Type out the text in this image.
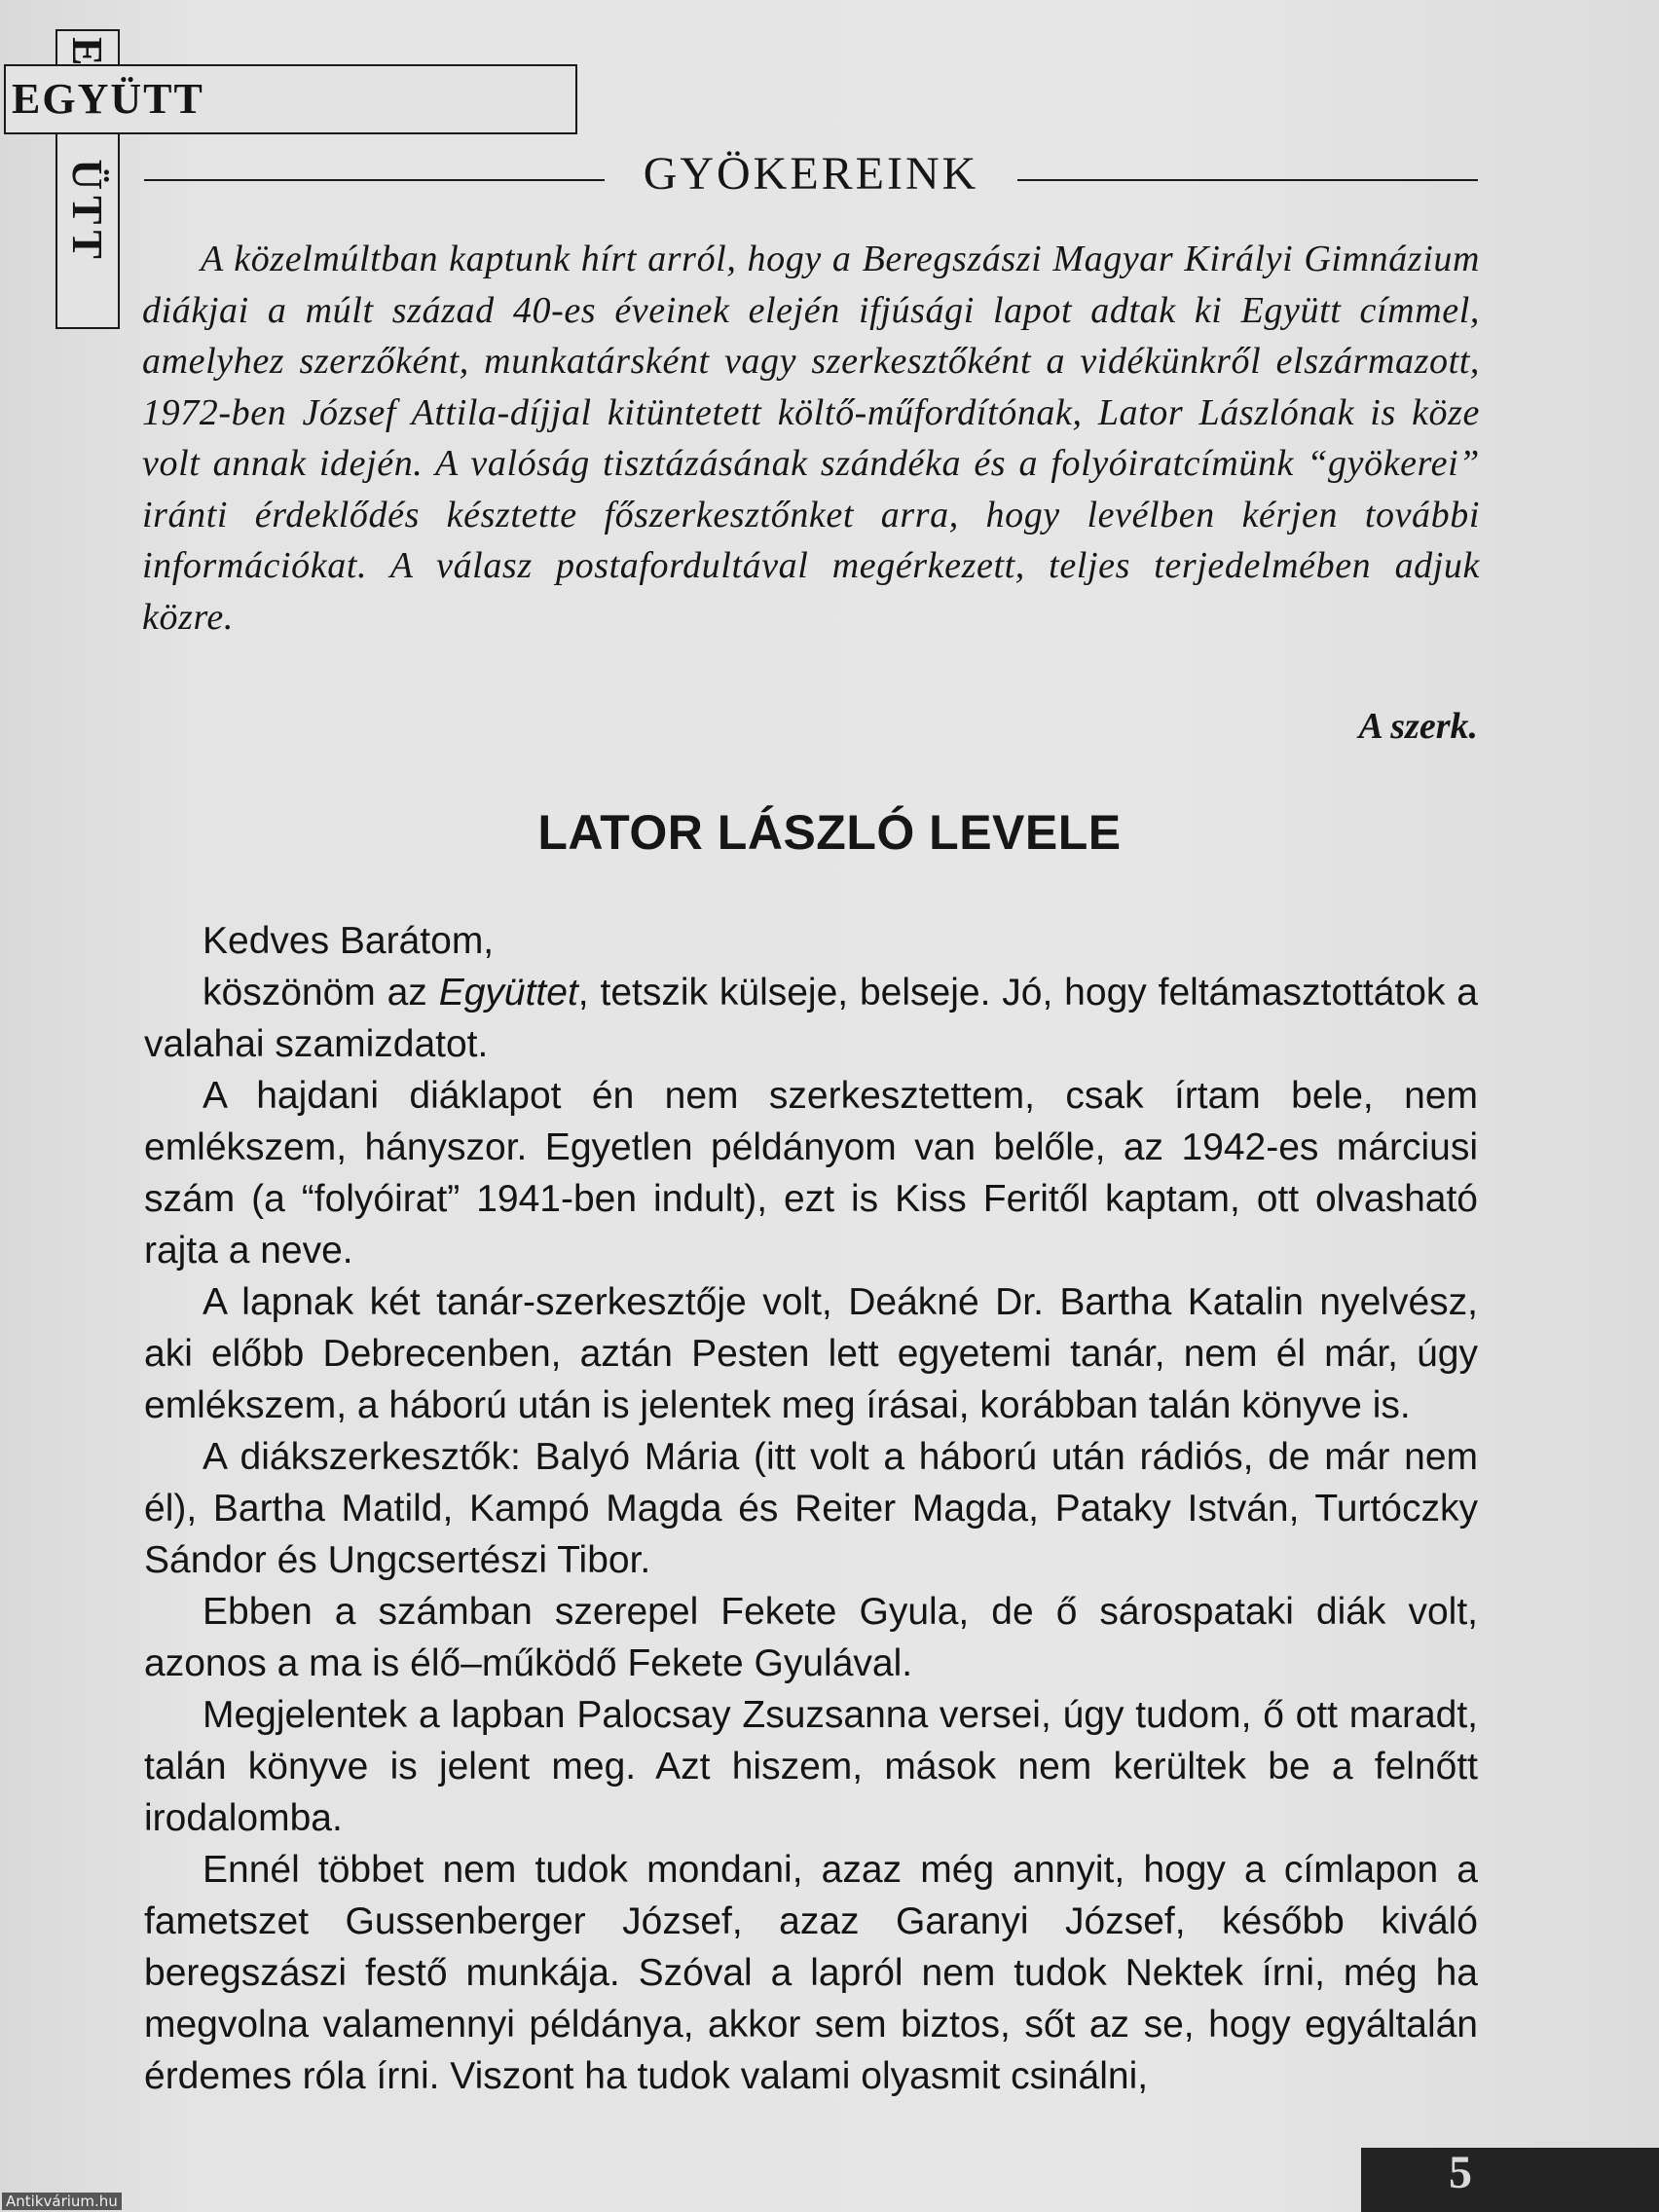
EÜTT
EGYÜTT
GYÖKEREINK

A közelmúltban kaptunk hírt arról, hogy a Beregszászi Magyar Királyi Gimnázium diákjai a múlt század 40-es éveinek elején ifjúsági lapot adtak ki Együtt címmel, amelyhez szerzőként, munkatársként vagy szerkesztőként a vidékünkről elszármazott, 1972-ben József Attila-díjjal kitüntetett költő-műfordítónak, Lator Lászlónak is köze volt annak idején. A valóság tisztázásának szándéka és a folyóiratcímünk “gyökerei” iránti érdeklődés késztette főszerkesztőnket arra, hogy levélben kérjen további információkat. A válasz postafordultával megérkezett, teljes terjedelmében adjuk közre.

A szerk.

LATOR LÁSZLÓ LEVELE

Kedves Barátom,

köszönöm az Együttet, tetszik külseje, belseje. Jó, hogy feltámasztottátok a valahai szamizdatot.

A hajdani diáklapot én nem szerkesztettem, csak írtam bele, nem emlékszem, hányszor. Egyetlen példányom van belőle, az 1942-es márciusi szám (a “folyóirat” 1941-ben indult), ezt is Kiss Feritől kaptam, ott olvasható rajta a neve.

A lapnak két tanár-szerkesztője volt, Deákné Dr. Bartha Katalin nyelvész, aki előbb Debrecenben, aztán Pesten lett egyetemi tanár, nem él már, úgy emlékszem, a háború után is jelentek meg írásai, korábban talán könyve is.

A diákszerkesztők: Balyó Mária (itt volt a háború után rádiós, de már nem él), Bartha Matild, Kampó Magda és Reiter Magda, Pataky István, Turtóczky Sándor és Ungcsertészi Tibor.

Ebben a számban szerepel Fekete Gyula, de ő sárospataki diák volt, azonos a ma is élő–működő Fekete Gyulával.

Megjelentek a lapban Palocsay Zsuzsanna versei, úgy tudom, ő ott maradt, talán könyve is jelent meg. Azt hiszem, mások nem kerültek be a felnőtt irodalomba.

Ennél többet nem tudok mondani, azaz még annyit, hogy a címlapon a fametszet Gussenberger József, azaz Garanyi József, később kiváló beregszászi festő munkája. Szóval a lapról nem tudok Nektek írni, még ha megvolna valamennyi példánya, akkor sem biztos, sőt az se, hogy egyáltalán érdemes róla írni. Viszont ha tudok valami olyasmit csinálni,

5
Antikvárium.hu
